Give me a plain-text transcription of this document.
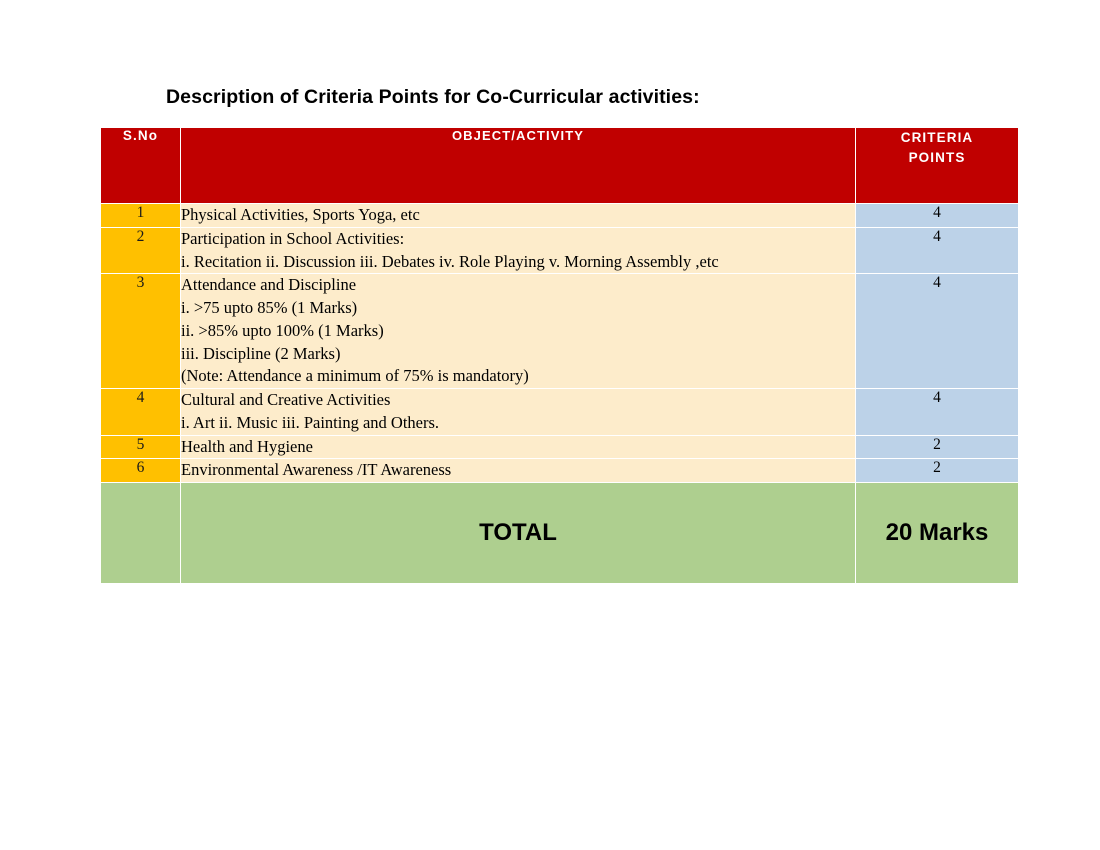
Description of Criteria Points for Co-Curricular activities:
S.No	OBJECT/ACTIVITY	CRITERIA
POINTS
1	Physical Activities, Sports Yoga, etc	4
2	Participation in School Activities:
i. Recitation ii. Discussion iii. Debates iv. Role Playing v. Morning Assembly ,etc	4
3	Attendance and Discipline
i. >75 upto 85% (1 Marks)
ii. >85% upto 100% (1 Marks)
iii. Discipline (2 Marks)
(Note: Attendance a minimum of 75% is mandatory)	4
4	Cultural and Creative Activities
i. Art ii. Music iii. Painting and Others.	4
5	Health and Hygiene	2
6	Environmental Awareness /IT Awareness	2
	TOTAL	20 Marks
